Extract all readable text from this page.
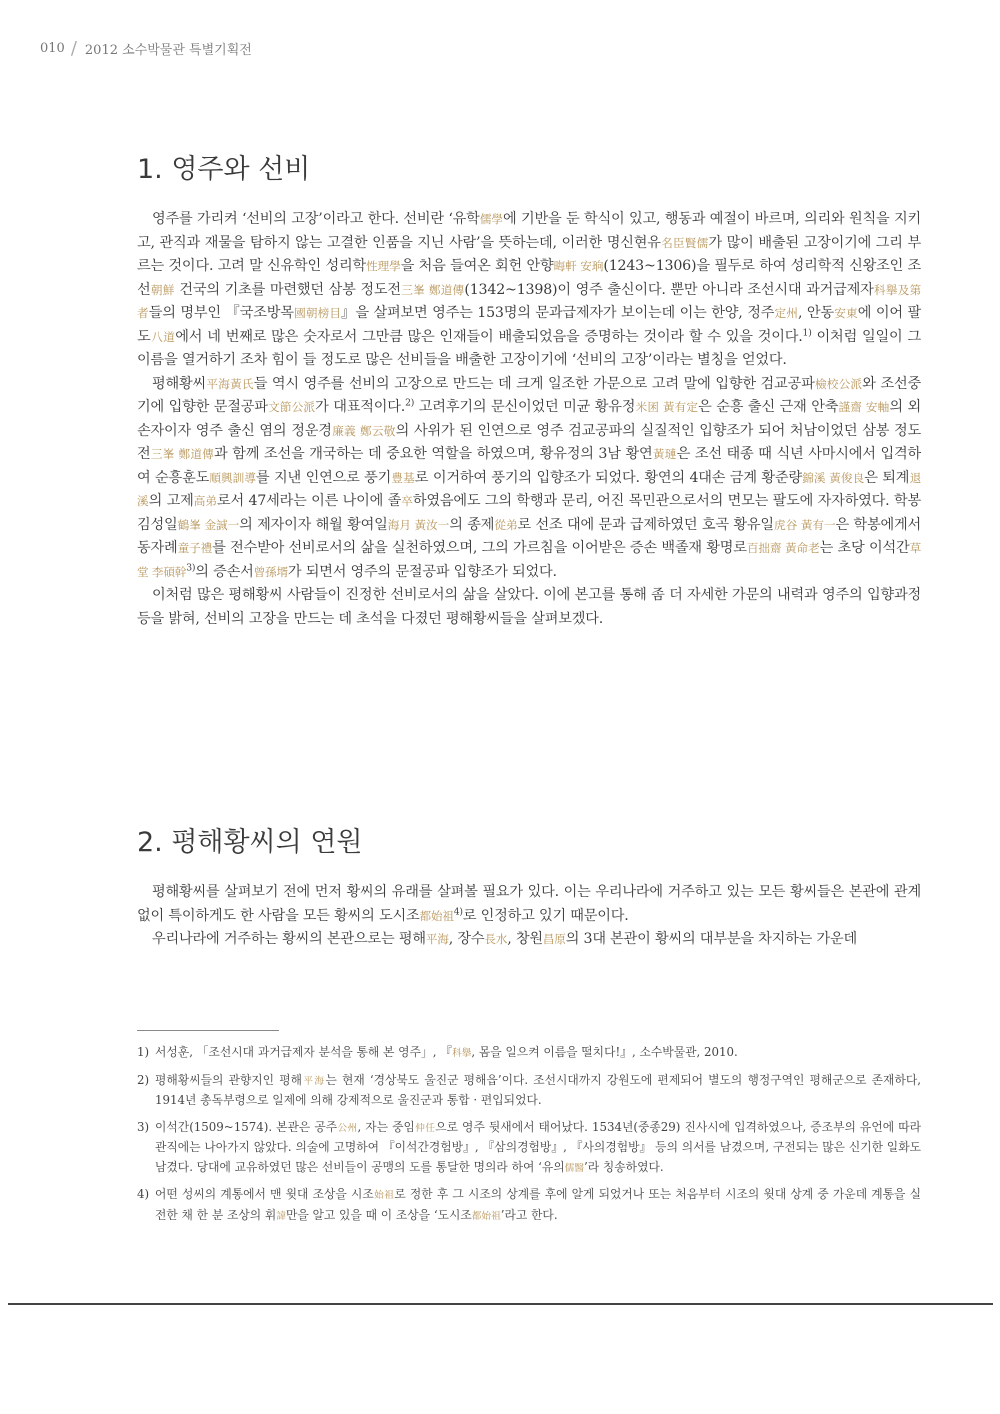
010 / 2012 소수박물관 특별기획전
1. 영주와 선비

영주를 가리켜 ‘선비의 고장’이라고 한다. 선비란 ‘유학儒學에 기반을 둔 학식이 있고, 행동과 예절이 바르며, 의리와 원칙을 지키고, 관직과 재물을 탐하지 않는 고결한 인품을 지닌 사람’을 뜻하는데, 이러한 명신현유名臣賢儒가 많이 배출된 고장이기에 그리 부르는 것이다. 고려 말 신유학인 성리학性理學을 처음 들여온 회헌 안향晦軒 安珦(1243~1306)을 필두로 하여 성리학적 신왕조인 조선朝鮮 건국의 기초를 마련했던 삼봉 정도전三峯 鄭道傳(1342~1398)이 영주 출신이다. 뿐만 아니라 조선시대 과거급제자科擧及第者들의 명부인 『국조방목國朝榜目』을 살펴보면 영주는 153명의 문과급제자가 보이는데 이는 한양, 정주定州, 안동安東에 이어 팔도八道에서 네 번째로 많은 숫자로서 그만큼 많은 인재들이 배출되었음을 증명하는 것이라 할 수 있을 것이다.$^{1)}$ 이처럼 일일이 그 이름을 열거하기 조차 힘이 들 정도로 많은 선비들을 배출한 고장이기에 ‘선비의 고장’이라는 별칭을 얻었다.

평해황씨平海黃氏들 역시 영주를 선비의 고장으로 만드는 데 크게 일조한 가문으로 고려 말에 입향한 검교공파檢校公派와 조선중기에 입향한 문절공파文節公派가 대표적이다.$^{2)}$ 고려후기의 문신이었던 미균 황유정米囷 黃有定은 순흥 출신 근재 안축謹齋 安軸의 외손자이자 영주 출신 염의 정운경廉義 鄭云敬의 사위가 된 인연으로 영주 검교공파의 실질적인 입향조가 되어 처남이었던 삼봉 정도전三峯 鄭道傳과 함께 조선을 개국하는 데 중요한 역할을 하였으며, 황유정의 3남 황연黃璉은 조선 태종 때 식년 사마시에서 입격하여 순흥훈도順興訓導를 지낸 인연으로 풍기豊基로 이거하여 풍기의 입향조가 되었다. 황연의 4대손 금계 황준량錦溪 黃俊良은 퇴계退溪의 고제高弟로서 47세라는 이른 나이에 졸卒하였음에도 그의 학행과 문리, 어진 목민관으로서의 면모는 팔도에 자자하였다. 학봉 김성일鶴峯 金誠一의 제자이자 해월 황여일海月 黃汝一의 종제從弟로 선조 대에 문과 급제하였던 호곡 황유일虎谷 黃有一은 학봉에게서 동자례童子禮를 전수받아 선비로서의 삶을 실천하였으며, 그의 가르침을 이어받은 증손 백졸재 황명로百拙齋 黃命老는 초당 이석간草堂 李碩幹$^{3)}$의 증손서曾孫壻가 되면서 영주의 문절공파 입향조가 되었다.

이처럼 많은 평해황씨 사람들이 진정한 선비로서의 삶을 살았다. 이에 본고를 통해 좀 더 자세한 가문의 내력과 영주의 입향과정 등을 밝혀, 선비의 고장을 만드는 데 초석을 다졌던 평해황씨들을 살펴보겠다.

2. 평해황씨의 연원

평해황씨를 살펴보기 전에 먼저 황씨의 유래를 살펴볼 필요가 있다. 이는 우리나라에 거주하고 있는 모든 황씨들은 본관에 관계없이 특이하게도 한 사람을 모든 황씨의 도시조都始祖$^{4)}$로 인정하고 있기 때문이다.

우리나라에 거주하는 황씨의 본관으로는 평해平海, 장수長水, 창원昌原의 3대 본관이 황씨의 대부분을 차지하는 가운데

1) 서성훈, 「조선시대 과거급제자 분석을 통해 본 영주」, 『科擧, 몸을 일으켜 이름을 떨치다!』, 소수박물관, 2010.
2) 평해황씨들의 관향지인 평해平海는 현재 ‘경상북도 울진군 평해읍’이다. 조선시대까지 강원도에 편제되어 별도의 행정구역인 평해군으로 존재하다, 1914년 총독부령으로 일제에 의해 강제적으로 울진군과 통합 · 편입되었다.
3) 이석간(1509~1574). 본관은 공주公州, 자는 중임仲任으로 영주 뒷새에서 태어났다. 1534년(중종29) 진사시에 입격하였으나, 증조부의 유언에 따라 관직에는 나아가지 않았다. 의술에 고명하여 『이석간경험방』, 『삼의경험방』, 『사의경험방』 등의 의서를 남겼으며, 구전되는 많은 신기한 일화도 남겼다. 당대에 교유하였던 많은 선비들이 공맹의 도를 통달한 명의라 하여 ‘유의儒醫’라 칭송하였다.
4) 어떤 성씨의 계통에서 맨 윗대 조상을 시조始祖로 정한 후 그 시조의 상계를 후에 알게 되었거나 또는 처음부터 시조의 윗대 상계 중 가운데 계통을 실전한 채 한 분 조상의 휘諱만을 알고 있을 때 이 조상을 ‘도시조都始祖’라고 한다.
